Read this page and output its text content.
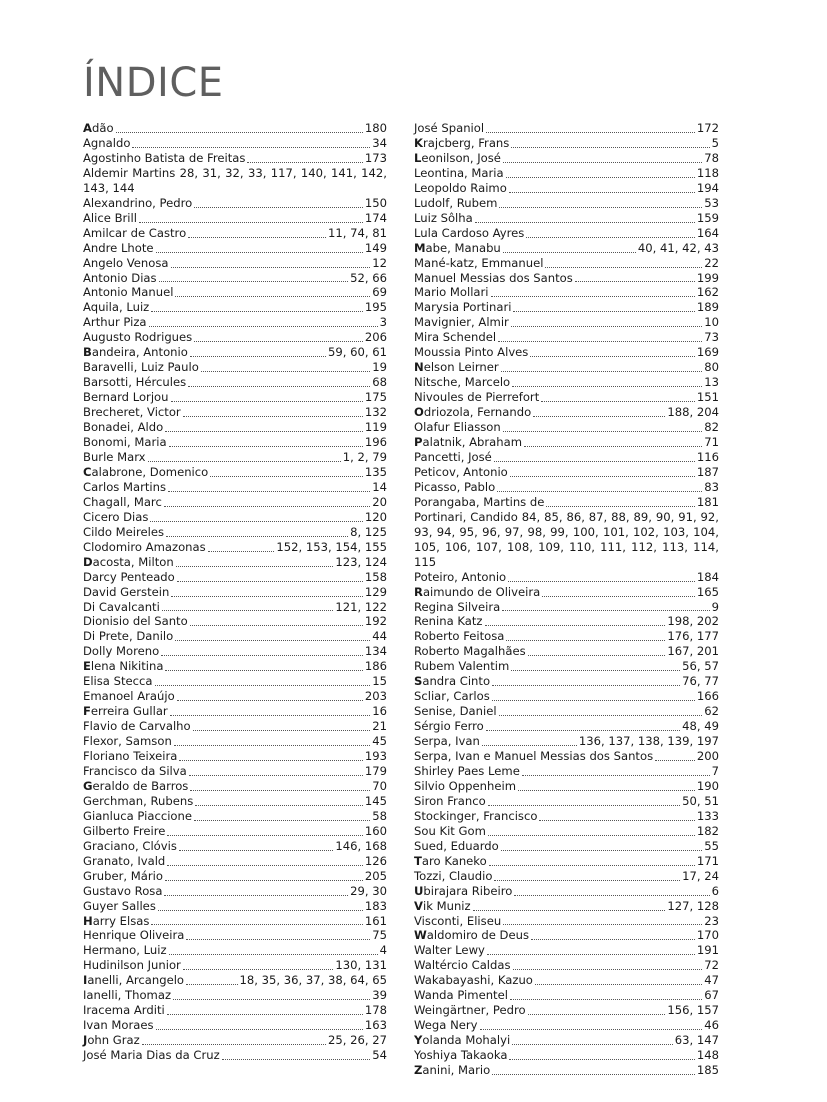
ÍNDICE
Adão	180
Agnaldo	34
Agostinho Batista de Freitas	173
Aldemir Martins 28, 31, 32, 33, 117, 140, 141, 142, 143, 144
Alexandrino, Pedro	150
Alice Brill	174
Amilcar de Castro	11, 74, 81
Andre Lhote	149
Angelo Venosa	12
Antonio Dias	52, 66
Antonio Manuel	69
Aquila, Luiz	195
Arthur Piza	3
Augusto Rodrigues	206
Bandeira, Antonio	59, 60, 61
Baravelli, Luiz Paulo	19
Barsotti, Hércules	68
Bernard Lorjou	175
Brecheret, Victor	132
Bonadei, Aldo	119
Bonomi, Maria	196
Burle Marx	1, 2, 79
Calabrone, Domenico	135
Carlos Martins	14
Chagall, Marc	20
Cicero Dias	120
Cildo Meireles	8, 125
Clodomiro Amazonas	152, 153, 154, 155
Dacosta, Milton	123, 124
Darcy Penteado	158
David Gerstein	129
Di Cavalcanti	121, 122
Dionisio del Santo	192
Di Prete, Danilo	44
Dolly Moreno	134
Elena Nikitina	186
Elisa Stecca	15
Emanoel Araújo	203
Ferreira Gullar	16
Flavio de Carvalho	21
Flexor, Samson	45
Floriano Teixeira	193
Francisco da Silva	179
Geraldo de Barros	70
Gerchman, Rubens	145
Gianluca Piaccione	58
Gilberto Freire	160
Graciano, Clóvis	146, 168
Granato, Ivald	126
Gruber, Mário	205
Gustavo Rosa	29, 30
Guyer Salles	183
Harry Elsas	161
Henrique Oliveira	75
Hermano, Luiz	4
Hudinilson Junior	130, 131
Ianelli, Arcangelo	18, 35, 36, 37, 38, 64, 65
Ianelli, Thomaz	39
Iracema Arditi	178
Ivan Moraes	163
John Graz	25, 26, 27
José Maria Dias da Cruz	54
José Spaniol	172
Krajcberg, Frans	5
Leonilson, José	78
Leontina, Maria	118
Leopoldo Raimo	194
Ludolf, Rubem	53
Luiz Sôlha	159
Lula Cardoso Ayres	164
Mabe, Manabu	40, 41, 42, 43
Mané-katz, Emmanuel	22
Manuel Messias dos Santos	199
Mario Mollari	162
Marysia Portinari	189
Mavignier, Almir	10
Mira Schendel	73
Moussia Pinto Alves	169
Nelson Leirner	80
Nitsche, Marcelo	13
Nivoules de Pierrefort	151
Odriozola, Fernando	188, 204
Olafur Eliasson	82
Palatnik, Abraham	71
Pancetti, José	116
Peticov, Antonio	187
Picasso, Pablo	83
Porangaba, Martins de	181
Portinari, Candido 84, 85, 86, 87, 88, 89, 90, 91, 92, 93, 94, 95, 96, 97, 98, 99, 100, 101, 102, 103, 104, 105, 106, 107, 108, 109, 110, 111, 112, 113, 114, 115
Poteiro, Antonio	184
Raimundo de Oliveira	165
Regina Silveira	9
Renina Katz	198, 202
Roberto Feitosa	176, 177
Roberto Magalhães	167, 201
Rubem Valentim	56, 57
Sandra Cinto	76, 77
Scliar, Carlos	166
Senise, Daniel	62
Sérgio Ferro	48, 49
Serpa, Ivan	136, 137, 138, 139, 197
Serpa, Ivan e Manuel Messias dos Santos	200
Shirley Paes Leme	7
Silvio Oppenheim	190
Siron Franco	50, 51
Stockinger, Francisco	133
Sou Kit Gom	182
Sued, Eduardo	55
Taro Kaneko	171
Tozzi, Claudio	17, 24
Ubirajara Ribeiro	6
Vik Muniz	127, 128
Visconti, Eliseu	23
Waldomiro de Deus	170
Walter Lewy	191
Waltércio Caldas	72
Wakabayashi, Kazuo	47
Wanda Pimentel	67
Weingärtner, Pedro	156, 157
Wega Nery	46
Yolanda Mohalyi	63, 147
Yoshiya Takaoka	148
Zanini, Mario	185
